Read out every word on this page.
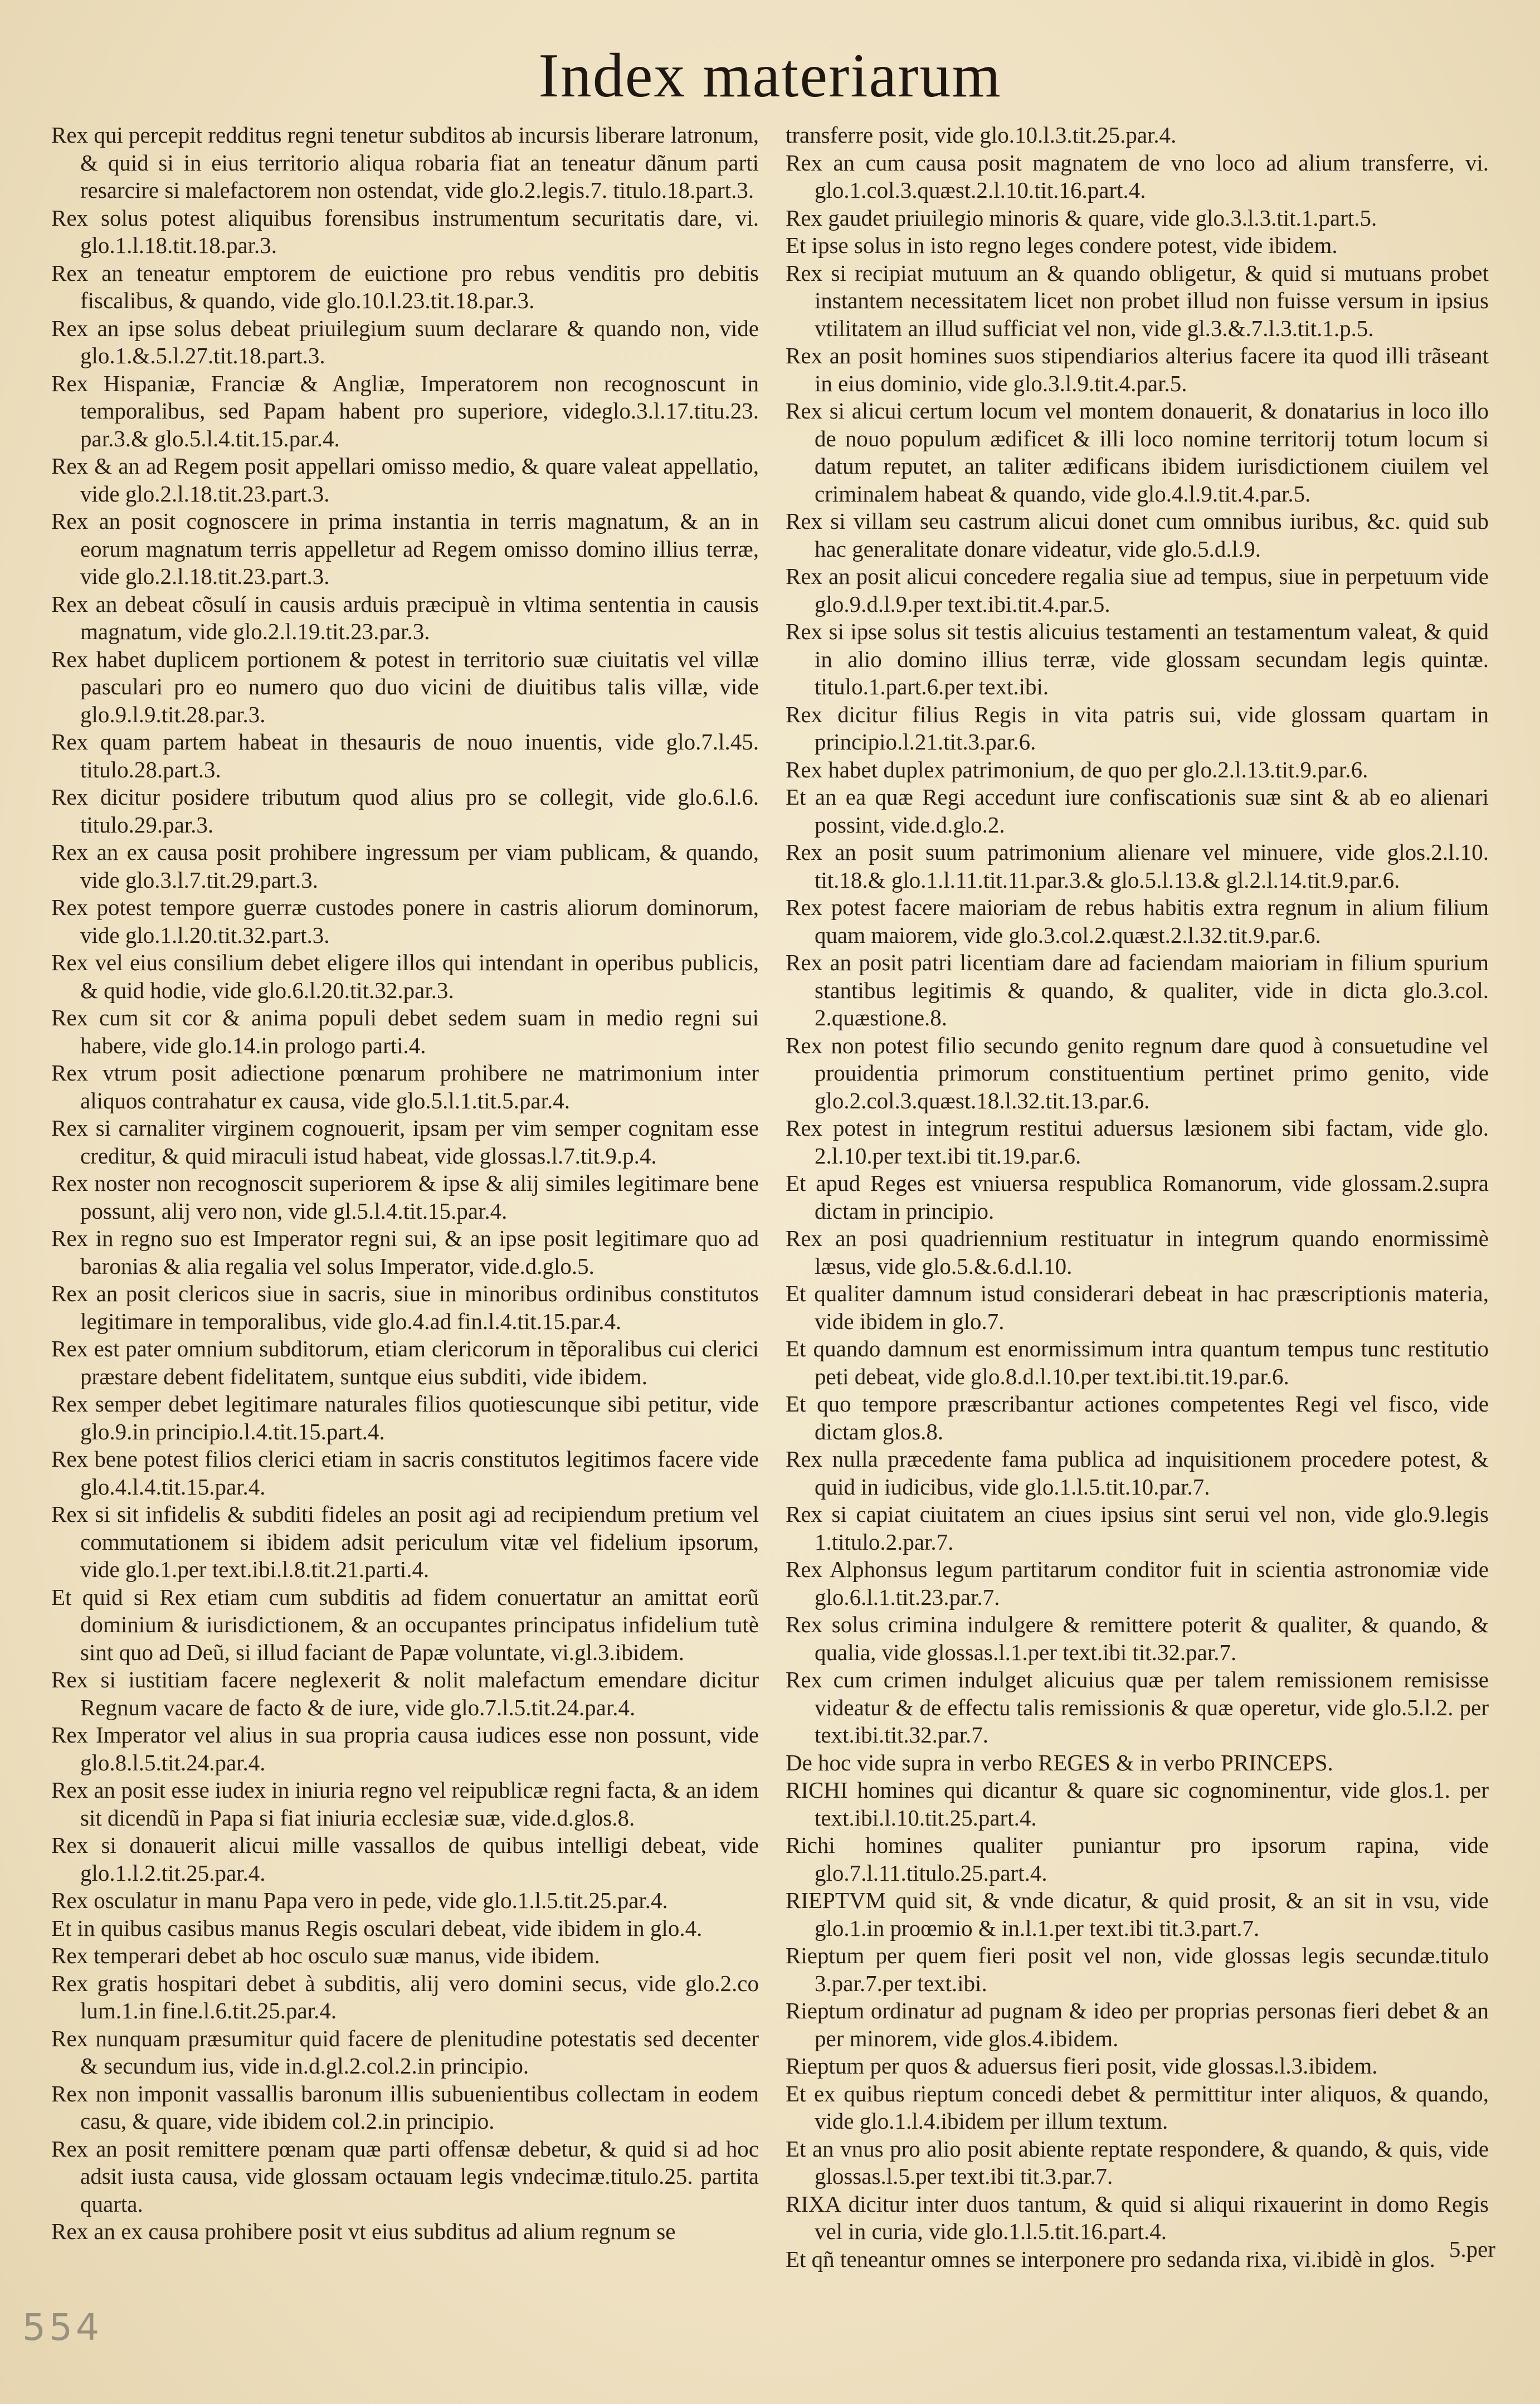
Index materiarum

Rex qui percepit redditus regni tenetur subditos ab incursis liberare latronum, & quid si in eius territorio aliqua robaria fiat an teneatur dãnum parti resarcire si malefactorem non ostendat, vide glo.2.legis.7. titulo.18.part.3.

Rex solus potest aliquibus forensibus instrumentum securitatis dare, vi. glo.1.l.18.tit.18.par.3.

Rex an teneatur emptorem de euictione pro rebus venditis pro debitis fiscalibus, & quando, vide glo.10.l.23.tit.18.par.3.

Rex an ipse solus debeat priuilegium suum declarare & quando non, vide glo.1.&.5.l.27.tit.18.part.3.

Rex Hispaniæ, Franciæ & Angliæ, Imperatorem non recognoscunt in temporalibus, sed Papam habent pro superiore, videglo.3.l.17.titu.23. par.3.& glo.5.l.4.tit.15.par.4.

Rex & an ad Regem posit appellari omisso medio, & quare valeat appellatio, vide glo.2.l.18.tit.23.part.3.

Rex an posit cognoscere in prima instantia in terris magnatum, & an in eorum magnatum terris appelletur ad Regem omisso domino illius terræ, vide glo.2.l.18.tit.23.part.3.

Rex an debeat cõsulí in causis arduis præcipuè in vltima sententia in causis magnatum, vide glo.2.l.19.tit.23.par.3.

Rex habet duplicem portionem & potest in territorio suæ ciuitatis vel villæ pasculari pro eo numero quo duo vicini de diuitibus talis villæ, vide glo.9.l.9.tit.28.par.3.

Rex quam partem habeat in thesauris de nouo inuentis, vide glo.7.l.45. titulo.28.part.3.

Rex dicitur posidere tributum quod alius pro se collegit, vide glo.6.l.6. titulo.29.par.3.

Rex an ex causa posit prohibere ingressum per viam publicam, & quando, vide glo.3.l.7.tit.29.part.3.

Rex potest tempore guerræ custodes ponere in castris aliorum dominorum, vide glo.1.l.20.tit.32.part.3.

Rex vel eius consilium debet eligere illos qui intendant in operibus publicis, & quid hodie, vide glo.6.l.20.tit.32.par.3.

Rex cum sit cor & anima populi debet sedem suam in medio regni sui habere, vide glo.14.in prologo parti.4.

Rex vtrum posit adiectione pœnarum prohibere ne matrimonium inter aliquos contrahatur ex causa, vide glo.5.l.1.tit.5.par.4.

Rex si carnaliter virginem cognouerit, ipsam per vim semper cognitam esse creditur, & quid miraculi istud habeat, vide glossas.l.7.tit.9.p.4.

Rex noster non recognoscit superiorem & ipse & alij similes legitimare bene possunt, alij vero non, vide gl.5.l.4.tit.15.par.4.

Rex in regno suo est Imperator regni sui, & an ipse posit legitimare quo ad baronias & alia regalia vel solus Imperator, vide.d.glo.5.

Rex an posit clericos siue in sacris, siue in minoribus ordinibus constitutos legitimare in temporalibus, vide glo.4.ad fin.l.4.tit.15.par.4.

Rex est pater omnium subditorum, etiam clericorum in tẽporalibus cui clerici præstare debent fidelitatem, suntque eius subditi, vide ibidem.

Rex semper debet legitimare naturales filios quotiescunque sibi petitur, vide glo.9.in principio.l.4.tit.15.part.4.

Rex bene potest filios clerici etiam in sacris constitutos legitimos facere vide glo.4.l.4.tit.15.par.4.

Rex si sit infidelis & subditi fideles an posit agi ad recipiendum pretium vel commutationem si ibidem adsit periculum vitæ vel fidelium ipsorum, vide glo.1.per text.ibi.l.8.tit.21.parti.4.

Et quid si Rex etiam cum subditis ad fidem conuertatur an amittat eorũ dominium & iurisdictionem, & an occupantes principatus infidelium tutè sint quo ad Deũ, si illud faciant de Papæ voluntate, vi.gl.3.ibidem.

Rex si iustitiam facere neglexerit & nolit malefactum emendare dicitur Regnum vacare de facto & de iure, vide glo.7.l.5.tit.24.par.4.

Rex Imperator vel alius in sua propria causa iudices esse non possunt, vide glo.8.l.5.tit.24.par.4.

Rex an posit esse iudex in iniuria regno vel reipublicæ regni facta, & an idem sit dicendũ in Papa si fiat iniuria ecclesiæ suæ, vide.d.glos.8.

Rex si donauerit alicui mille vassallos de quibus intelligi debeat, vide glo.1.l.2.tit.25.par.4.

Rex osculatur in manu Papa vero in pede, vide glo.1.l.5.tit.25.par.4.

Et in quibus casibus manus Regis osculari debeat, vide ibidem in glo.4.

Rex temperari debet ab hoc osculo suæ manus, vide ibidem.

Rex gratis hospitari debet à subditis, alij vero domini secus, vide glo.2.co lum.1.in fine.l.6.tit.25.par.4.

Rex nunquam præsumitur quid facere de plenitudine potestatis sed decenter & secundum ius, vide in.d.gl.2.col.2.in principio.

Rex non imponit vassallis baronum illis subuenientibus collectam in eodem casu, & quare, vide ibidem col.2.in principio.

Rex an posit remittere pœnam quæ parti offensæ debetur, & quid si ad hoc adsit iusta causa, vide glossam octauam legis vndecimæ.titulo.25. partita quarta.

Rex an ex causa prohibere posit vt eius subditus ad alium regnum se

transferre posit, vide glo.10.l.3.tit.25.par.4.

Rex an cum causa posit magnatem de vno loco ad alium transferre, vi. glo.1.col.3.quæst.2.l.10.tit.16.part.4.

Rex gaudet priuilegio minoris & quare, vide glo.3.l.3.tit.1.part.5.

Et ipse solus in isto regno leges condere potest, vide ibidem.

Rex si recipiat mutuum an & quando obligetur, & quid si mutuans probet instantem necessitatem licet non probet illud non fuisse versum in ipsius vtilitatem an illud sufficiat vel non, vide gl.3.&.7.l.3.tit.1.p.5.

Rex an posit homines suos stipendiarios alterius facere ita quod illi trãseant in eius dominio, vide glo.3.l.9.tit.4.par.5.

Rex si alicui certum locum vel montem donauerit, & donatarius in loco illo de nouo populum ædificet & illi loco nomine territorij totum locum si datum reputet, an taliter ædificans ibidem iurisdictionem ciuilem vel criminalem habeat & quando, vide glo.4.l.9.tit.4.par.5.

Rex si villam seu castrum alicui donet cum omnibus iuribus, &c. quid sub hac generalitate donare videatur, vide glo.5.d.l.9.

Rex an posit alicui concedere regalia siue ad tempus, siue in perpetuum vide glo.9.d.l.9.per text.ibi.tit.4.par.5.

Rex si ipse solus sit testis alicuius testamenti an testamentum valeat, & quid in alio domino illius terræ, vide glossam secundam legis quintæ. titulo.1.part.6.per text.ibi.

Rex dicitur filius Regis in vita patris sui, vide glossam quartam in principio.l.21.tit.3.par.6.

Rex habet duplex patrimonium, de quo per glo.2.l.13.tit.9.par.6.

Et an ea quæ Regi accedunt iure confiscationis suæ sint & ab eo alienari possint, vide.d.glo.2.

Rex an posit suum patrimonium alienare vel minuere, vide glos.2.l.10. tit.18.& glo.1.l.11.tit.11.par.3.& glo.5.l.13.& gl.2.l.14.tit.9.par.6.

Rex potest facere maioriam de rebus habitis extra regnum in alium filium quam maiorem, vide glo.3.col.2.quæst.2.l.32.tit.9.par.6.

Rex an posit patri licentiam dare ad faciendam maioriam in filium spurium stantibus legitimis & quando, & qualiter, vide in dicta glo.3.col. 2.quæstione.8.

Rex non potest filio secundo genito regnum dare quod à consuetudine vel prouidentia primorum constituentium pertinet primo genito, vide glo.2.col.3.quæst.18.l.32.tit.13.par.6.

Rex potest in integrum restitui aduersus læsionem sibi factam, vide glo. 2.l.10.per text.ibi tit.19.par.6.

Et apud Reges est vniuersa respublica Romanorum, vide glossam.2.supra dictam in principio.

Rex an posi quadriennium restituatur in integrum quando enormissimè læsus, vide glo.5.&.6.d.l.10.

Et qualiter damnum istud considerari debeat in hac præscriptionis materia, vide ibidem in glo.7.

Et quando damnum est enormissimum intra quantum tempus tunc restitutio peti debeat, vide glo.8.d.l.10.per text.ibi.tit.19.par.6.

Et quo tempore præscribantur actiones competentes Regi vel fisco, vide dictam glos.8.

Rex nulla præcedente fama publica ad inquisitionem procedere potest, & quid in iudicibus, vide glo.1.l.5.tit.10.par.7.

Rex si capiat ciuitatem an ciues ipsius sint serui vel non, vide glo.9.legis 1.titulo.2.par.7.

Rex Alphonsus legum partitarum conditor fuit in scientia astronomiæ vide glo.6.l.1.tit.23.par.7.

Rex solus crimina indulgere & remittere poterit & qualiter, & quando, & qualia, vide glossas.l.1.per text.ibi tit.32.par.7.

Rex cum crimen indulget alicuius quæ per talem remissionem remisisse videatur & de effectu talis remissionis & quæ operetur, vide glo.5.l.2. per text.ibi.tit.32.par.7.

De hoc vide supra in verbo REGES & in verbo PRINCEPS.

RICHI homines qui dicantur & quare sic cognominentur, vide glos.1. per text.ibi.l.10.tit.25.part.4.

Richi homines qualiter puniantur pro ipsorum rapina, vide glo.7.l.11.titulo.25.part.4.

RIEPTVM quid sit, & vnde dicatur, & quid prosit, & an sit in vsu, vide glo.1.in proœmio & in.l.1.per text.ibi tit.3.part.7.

Rieptum per quem fieri posit vel non, vide glossas legis secundæ.titulo 3.par.7.per text.ibi.

Rieptum ordinatur ad pugnam & ideo per proprias personas fieri debet & an per minorem, vide glos.4.ibidem.

Rieptum per quos & aduersus fieri posit, vide glossas.l.3.ibidem.

Et ex quibus rieptum concedi debet & permittitur inter aliquos, & quando, vide glo.1.l.4.ibidem per illum textum.

Et an vnus pro alio posit abiente reptate respondere, & quando, & quis, vide glossas.l.5.per text.ibi tit.3.par.7.

RIXA dicitur inter duos tantum, & quid si aliqui rixauerint in domo Regis vel in curia, vide glo.1.l.5.tit.16.part.4.

Et qñ teneantur omnes se interponere pro sedanda rixa, vi.ibidè in glos. 5.per
554
